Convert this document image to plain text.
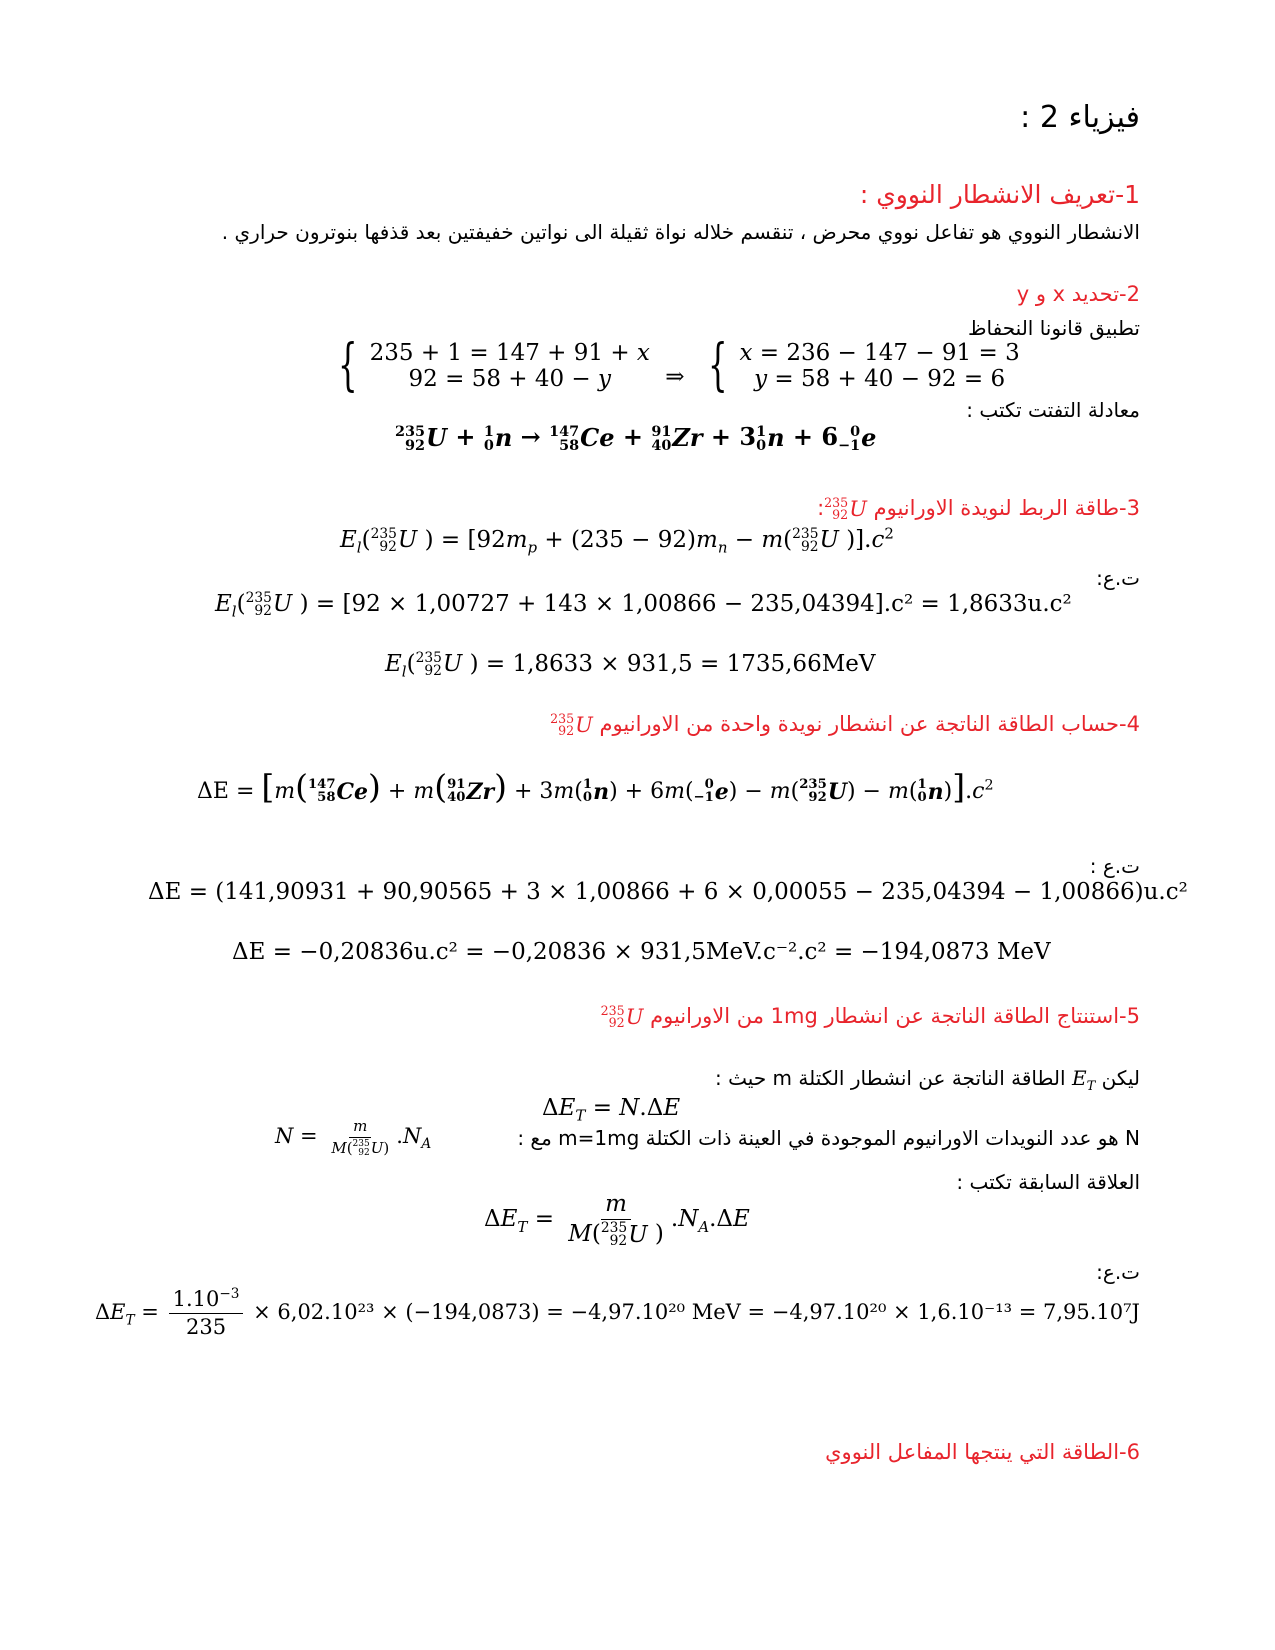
فيزياء 2 :
1-تعريف الانشطار النووي :
الانشطار النووي هو تفاعل نووي محرض ، تنقسم خلاله نواة ثقيلة الى نواتين خفيفتين بعد قذفها بنوترون حراري .
2-تحديد x و y
تطبيق قانونا النحفاظ
{ 235 + 1 = 147 + 91 + x
92 = 58 + 40 − y ⇒ { x = 236 − 147 − 91 = 3
y = 58 + 40 − 92 = 6
معادلة التفتت تكتب :
235
92 U + 1
0 n → 147
58 Ce + 91
40 Zr + 3 1
0 n + 6 0
−1 e
3-طاقة الربط لنويدة الاورانيوم
235
92 U
:
$E_l$( 235
92 U ) = [$92m_p + (235 - 92)m_n - m$( 235
92 U )]$.c^2$
ت.ع:
$E_l$( 235
92 U ) = [92 × 1,00727 + 143 × 1,00866 − 235,04394].c² = 1,8633u.c²
$E_l$( 235
92 U ) = 1,8633 × 931,5 = 1735,66MeV
4-حساب الطاقة الناتجة عن انشطار نويدة واحدة من الاورانيوم
235
92 U
ΔE = [m( 147
58 Ce ) + m( 91
40 Zr ) + 3m( 1
0 n ) + 6m( 0
−1 e ) − m( 235
92 U ) − m( 1
0 n )]$.c^2$
ت.ع :
ΔE = (141,90931 + 90,90565 + 3 × 1,00866 + 6 × 0,00055 − 235,04394 − 1,00866)u.c²
ΔE = −0,20836u.c² = −0,20836 × 931,5MeV.c⁻².c² = −194,0873 MeV
5-استنتاج الطاقة الناتجة عن انشطار 1mg من الاورانيوم
235
92 U
ليكن $E_T$ الطاقة الناتجة عن انشطار الكتلة m حيث :
$\Delta E_T = N.\Delta E$
N هو عدد النويدات الاورانيوم الموجودة في العينة ذات الكتلة m=1mg مع :
N = m
M( 235
92 U ) $.N_A$
العلاقة السابقة تكتب :
$\Delta E_T = m$
M( 235
92 U ) $.N_A.\Delta E$
ت.ع:
$\Delta E_T = \frac{1.10^{-3}}{235} \times 6,02.10^{23} \times (-194,0873) = -4,97.10^{20}$ MeV = −4,97.10²⁰ × 1,6.10⁻¹³ = 7,95.10⁷J
6-الطاقة التي ينتجها المفاعل النووي
